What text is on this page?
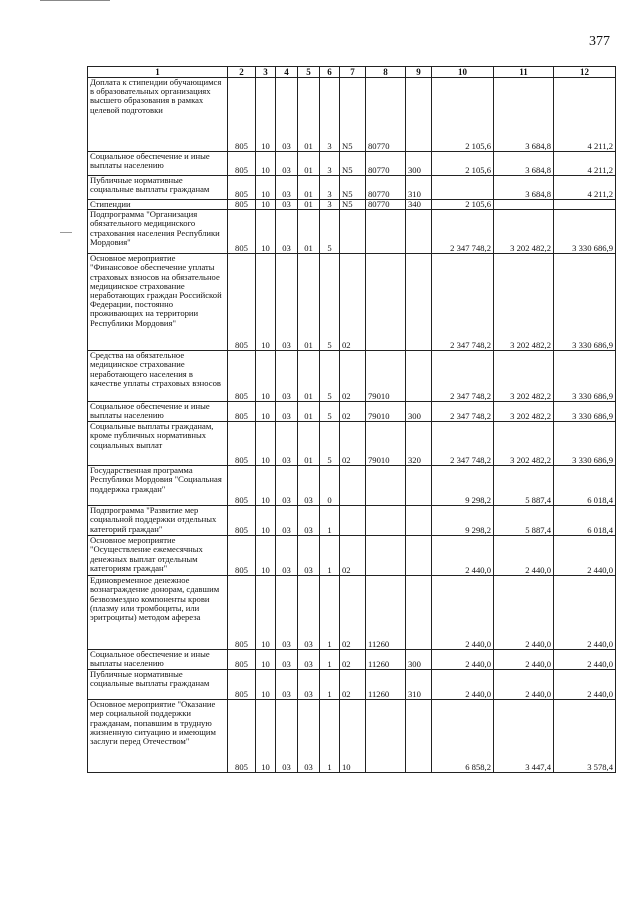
377
1	2	3	4	5	6	7	8	9	10	11	12
Доплата к стипендии обучающимся в образовательных организациях высшего образования в рамках целевой подготовки	805	10	03	01	3	N5	80770		2 105,6	3 684,8	4 211,2
Социальное обеспечение и иные выплаты населению	805	10	03	01	3	N5	80770	300	2 105,6	3 684,8	4 211,2
Публичные нормативные социальные выплаты гражданам	805	10	03	01	3	N5	80770	310		3 684,8	4 211,2
Стипендии	805	10	03	01	3	N5	80770	340	2 105,6		
Подпрограмма "Организация обязательного медицинского страхования населения Республики Мордовия"	805	10	03	01	5				2 347 748,2	3 202 482,2	3 330 686,9
Основное мероприятие "Финансовое обеспечение уплаты страховых взносов на обязательное медицинское страхование неработающих граждан Российской Федерации, постоянно проживающих на территории Республики Мордовия"	805	10	03	01	5	02			2 347 748,2	3 202 482,2	3 330 686,9
Средства на обязательное медицинское страхование неработающего населения в качестве уплаты страховых взносов	805	10	03	01	5	02	79010		2 347 748,2	3 202 482,2	3 330 686,9
Социальное обеспечение и иные выплаты населению	805	10	03	01	5	02	79010	300	2 347 748,2	3 202 482,2	3 330 686,9
Социальные выплаты гражданам, кроме публичных нормативных социальных выплат	805	10	03	01	5	02	79010	320	2 347 748,2	3 202 482,2	3 330 686,9
Государственная программа Республики Мордовия "Социальная поддержка граждан"	805	10	03	03	0				9 298,2	5 887,4	6 018,4
Подпрограмма "Развитие мер социальной поддержки отдельных категорий граждан"	805	10	03	03	1				9 298,2	5 887,4	6 018,4
Основное мероприятие "Осуществление ежемесячных денежных выплат отдельным категориям граждан"	805	10	03	03	1	02			2 440,0	2 440,0	2 440,0
Единовременное денежное вознаграждение донорам, сдавшим безвозмездно компоненты крови (плазму или тромбоциты, или эритроциты) методом афереза	805	10	03	03	1	02	11260		2 440,0	2 440,0	2 440,0
Социальное обеспечение и иные выплаты населению	805	10	03	03	1	02	11260	300	2 440,0	2 440,0	2 440,0
Публичные нормативные социальные выплаты гражданам	805	10	03	03	1	02	11260	310	2 440,0	2 440,0	2 440,0
Основное мероприятие "Оказание мер социальной поддержки гражданам, попавшим в трудную жизненную ситуацию и имеющим заслуги перед Отечеством"	805	10	03	03	1	10			6 858,2	3 447,4	3 578,4
